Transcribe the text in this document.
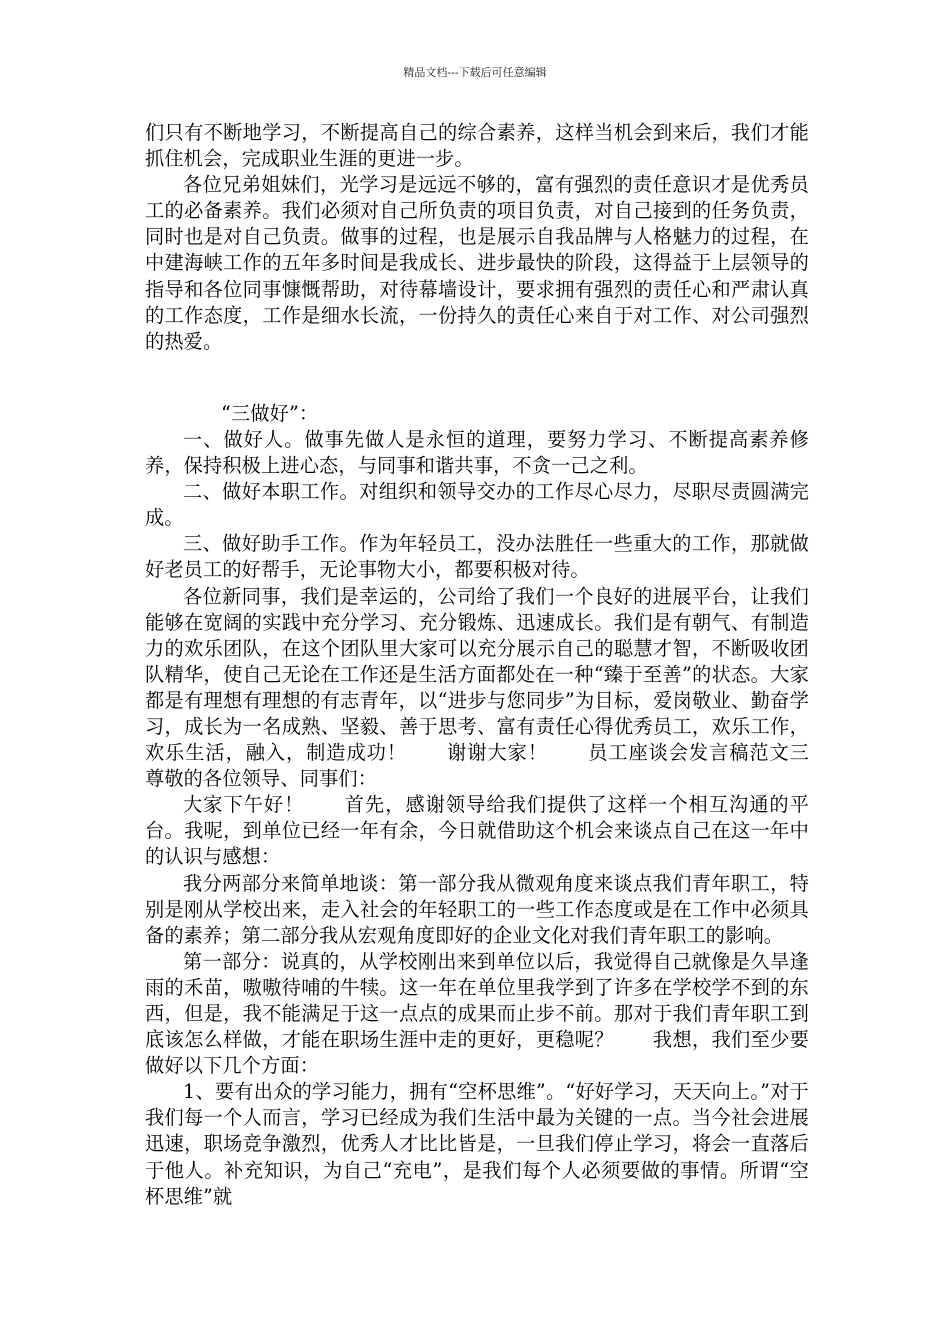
精品文档---下载后可任意编辑

们只有不断地学习，不断提高自己的综合素养，这样当机会到来后，我们才能抓住机会，完成职业生涯的更进一步。

各位兄弟姐妹们，光学习是远远不够的，富有强烈的责任意识才是优秀员工的必备素养。我们必须对自己所负责的项目负责，对自己接到的任务负责，同时也是对自己负责。做事的过程，也是展示自我品牌与人格魅力的过程，在中建海峡工作的五年多时间是我成长、进步最快的阶段，这得益于上层领导的指导和各位同事慷慨帮助，对待幕墙设计，要求拥有强烈的责任心和严肃认真的工作态度，工作是细水长流，一份持久的责任心来自于对工作、对公司强烈的热爱。

“三做好”：

一、做好人。做事先做人是永恒的道理，要努力学习、不断提高素养修养，保持积极上进心态，与同事和谐共事，不贪一己之利。

二、做好本职工作。对组织和领导交办的工作尽心尽力，尽职尽责圆满完成。

三、做好助手工作。作为年轻员工，没办法胜任一些重大的工作，那就做好老员工的好帮手，无论事物大小，都要积极对待。

各位新同事，我们是幸运的，公司给了我们一个良好的进展平台，让我们能够在宽阔的实践中充分学习、充分锻炼、迅速成长。我们是有朝气、有制造力的欢乐团队，在这个团队里大家可以充分展示自己的聪慧才智，不断吸收团队精华，使自己无论在工作还是生活方面都处在一种“臻于至善”的状态。大家都是有理想有理想的有志青年，以“进步与您同步”为目标，爱岗敬业、勤奋学习，成长为一名成熟、坚毅、善于思考、富有责任心得优秀员工，欢乐工作，欢乐生活，融入，制造成功！　　谢谢大家！　　员工座谈会发言稿范文三　　尊敬的各位领导、同事们：

大家下午好！　　首先，感谢领导给我们提供了这样一个相互沟通的平台。我呢，到单位已经一年有余，今日就借助这个机会来谈点自己在这一年中的认识与感想：

我分两部分来简单地谈：第一部分我从微观角度来谈点我们青年职工，特别是刚从学校出来，走入社会的年轻职工的一些工作态度或是在工作中必须具备的素养；第二部分我从宏观角度即好的企业文化对我们青年职工的影响。

第一部分：说真的，从学校刚出来到单位以后，我觉得自己就像是久旱逢雨的禾苗，嗷嗷待哺的牛犊。这一年在单位里我学到了许多在学校学不到的东西，但是，我不能满足于这一点点的成果而止步不前。那对于我们青年职工到底该怎么样做，才能在职场生涯中走的更好，更稳呢？　　我想，我们至少要做好以下几个方面：

1、要有出众的学习能力，拥有“空杯思维”。“好好学习，天天向上。”对于我们每一个人而言，学习已经成为我们生活中最为关键的一点。当今社会进展迅速，职场竞争激烈，优秀人才比比皆是，一旦我们停止学习，将会一直落后于他人。补充知识，为自己“充电”，是我们每个人必须要做的事情。所谓“空杯思维”就
